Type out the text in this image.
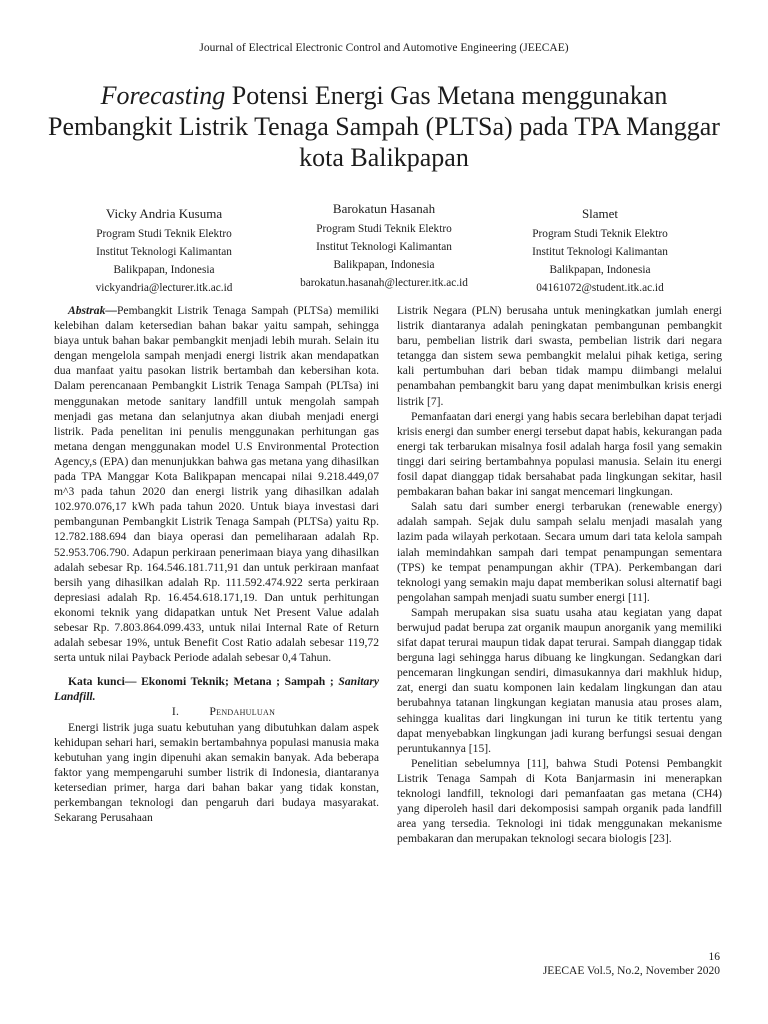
Journal of Electrical Electronic Control and Automotive Engineering (JEECAE)
Forecasting Potensi Energi Gas Metana menggunakan Pembangkit Listrik Tenaga Sampah (PLTSa) pada TPA Manggar kota Balikpapan
Vicky Andria Kusuma
Program Studi Teknik Elektro
Institut Teknologi Kalimantan
Balikpapan, Indonesia
vickyandria@lecturer.itk.ac.id
Barokatun Hasanah
Program Studi Teknik Elektro
Institut Teknologi Kalimantan
Balikpapan, Indonesia
barokatun.hasanah@lecturer.itk.ac.id
Slamet
Program Studi Teknik Elektro
Institut Teknologi Kalimantan
Balikpapan, Indonesia
04161072@student.itk.ac.id

Abstrak—Pembangkit Listrik Tenaga Sampah (PLTSa) memiliki kelebihan dalam ketersedian bahan bakar yaitu sampah, sehingga biaya untuk bahan bakar pembangkit menjadi lebih murah. Selain itu dengan mengelola sampah menjadi energi listrik akan mendapatkan dua manfaat yaitu pasokan listrik bertambah dan kebersihan kota. Dalam perencanaan Pembangkit Listrik Tenaga Sampah (PLTsa) ini menggunakan metode sanitary landfill untuk mengolah sampah menjadi gas metana dan selanjutnya akan diubah menjadi energi listrik. Pada penelitan ini penulis menggunakan perhitungan gas metana dengan menggunakan model U.S Environmental Protection Agency,s (EPA) dan menunjukkan bahwa gas metana yang dihasilkan pada TPA Manggar Kota Balikpapan mencapai nilai 9.218.449,07 m^3 pada tahun 2020 dan energi listrik yang dihasilkan adalah 102.970.076,17 kWh pada tahun 2020. Untuk biaya investasi dari pembangunan Pembangkit Listrik Tenaga Sampah (PLTSa) yaitu Rp. 12.782.188.694 dan biaya operasi dan pemeliharaan adalah Rp. 52.953.706.790. Adapun perkiraan penerimaan biaya yang dihasilkan adalah sebesar Rp. 164.546.181.711,91 dan untuk perkiraan manfaat bersih yang dihasilkan adalah Rp. 111.592.474.922 serta perkiraan depresiasi adalah Rp. 16.454.618.171,19. Dan untuk perhitungan ekonomi teknik yang didapatkan untuk Net Present Value adalah sebesar Rp. 7.803.864.099.433, untuk nilai Internal Rate of Return adalah sebesar 19%, untuk Benefit Cost Ratio adalah sebesar 119,72 serta untuk nilai Payback Periode adalah sebesar 0,4 Tahun.

Kata kunci— Ekonomi Teknik; Metana ; Sampah ; Sanitary Landfill.

I.	Pendahuluan

Energi listrik juga suatu kebutuhan yang dibutuhkan dalam aspek kehidupan sehari hari, semakin bertambahnya populasi manusia maka kebutuhan yang ingin dipenuhi akan semakin banyak. Ada beberapa faktor yang mempengaruhi sumber listrik di Indonesia, diantaranya ketersedian primer, harga dari bahan bakar yang tidak konstan, perkembangan teknologi dan pengaruh dari budaya masyarakat. Sekarang Perusahaan

Listrik Negara (PLN) berusaha untuk meningkatkan jumlah energi listrik diantaranya adalah peningkatan pembangunan pembangkit baru, pembelian listrik dari swasta, pembelian listrik dari negara tetangga dan sistem sewa pembangkit melalui pihak ketiga, sering kali pertumbuhan dari beban tidak mampu diimbangi melalui penambahan pembangkit baru yang dapat menimbulkan krisis energi listrik [7].

Pemanfaatan dari energi yang habis secara berlebihan dapat terjadi krisis energi dan sumber energi tersebut dapat habis, kekurangan pada energi tak terbarukan misalnya fosil adalah harga fosil yang semakin tinggi dari seiring bertambahnya populasi manusia. Selain itu energi fosil dapat dianggap tidak bersahabat pada lingkungan sekitar, hasil pembakaran bahan bakar ini sangat mencemari lingkungan.

Salah satu dari sumber energi terbarukan (renewable energy) adalah sampah. Sejak dulu sampah selalu menjadi masalah yang lazim pada wilayah perkotaan. Secara umum dari tata kelola sampah ialah memindahkan sampah dari tempat penampungan sementara (TPS) ke tempat penampungan akhir (TPA). Perkembangan dari teknologi yang semakin maju dapat memberikan solusi alternatif bagi pengolahan sampah menjadi suatu sumber energi [11].

Sampah merupakan sisa suatu usaha atau kegiatan yang dapat berwujud padat berupa zat organik maupun anorganik yang memiliki sifat dapat terurai maupun tidak dapat terurai. Sampah dianggap tidak berguna lagi sehingga harus dibuang ke lingkungan. Sedangkan dari pencemaran lingkungan sendiri, dimasukannya dari makhluk hidup, zat, energi dan suatu komponen lain kedalam lingkungan dan atau berubahnya tatanan lingkungan kegiatan manusia atau proses alam, sehingga kualitas dari lingkungan ini turun ke titik tertentu yang dapat menyebabkan lingkungan jadi kurang berfungsi sesuai dengan peruntukannya [15].

Penelitian sebelumnya [11], bahwa Studi Potensi Pembangkit Listrik Tenaga Sampah di Kota Banjarmasin ini menerapkan teknologi landfill, teknologi dari pemanfaatan gas metana (CH4) yang diperoleh hasil dari dekomposisi sampah organik pada landfill area yang tersedia. Teknologi ini tidak menggunakan mekanisme pembakaran dan merupakan teknologi secara biologis [23].

16
JEECAE Vol.5, No.2, November 2020
